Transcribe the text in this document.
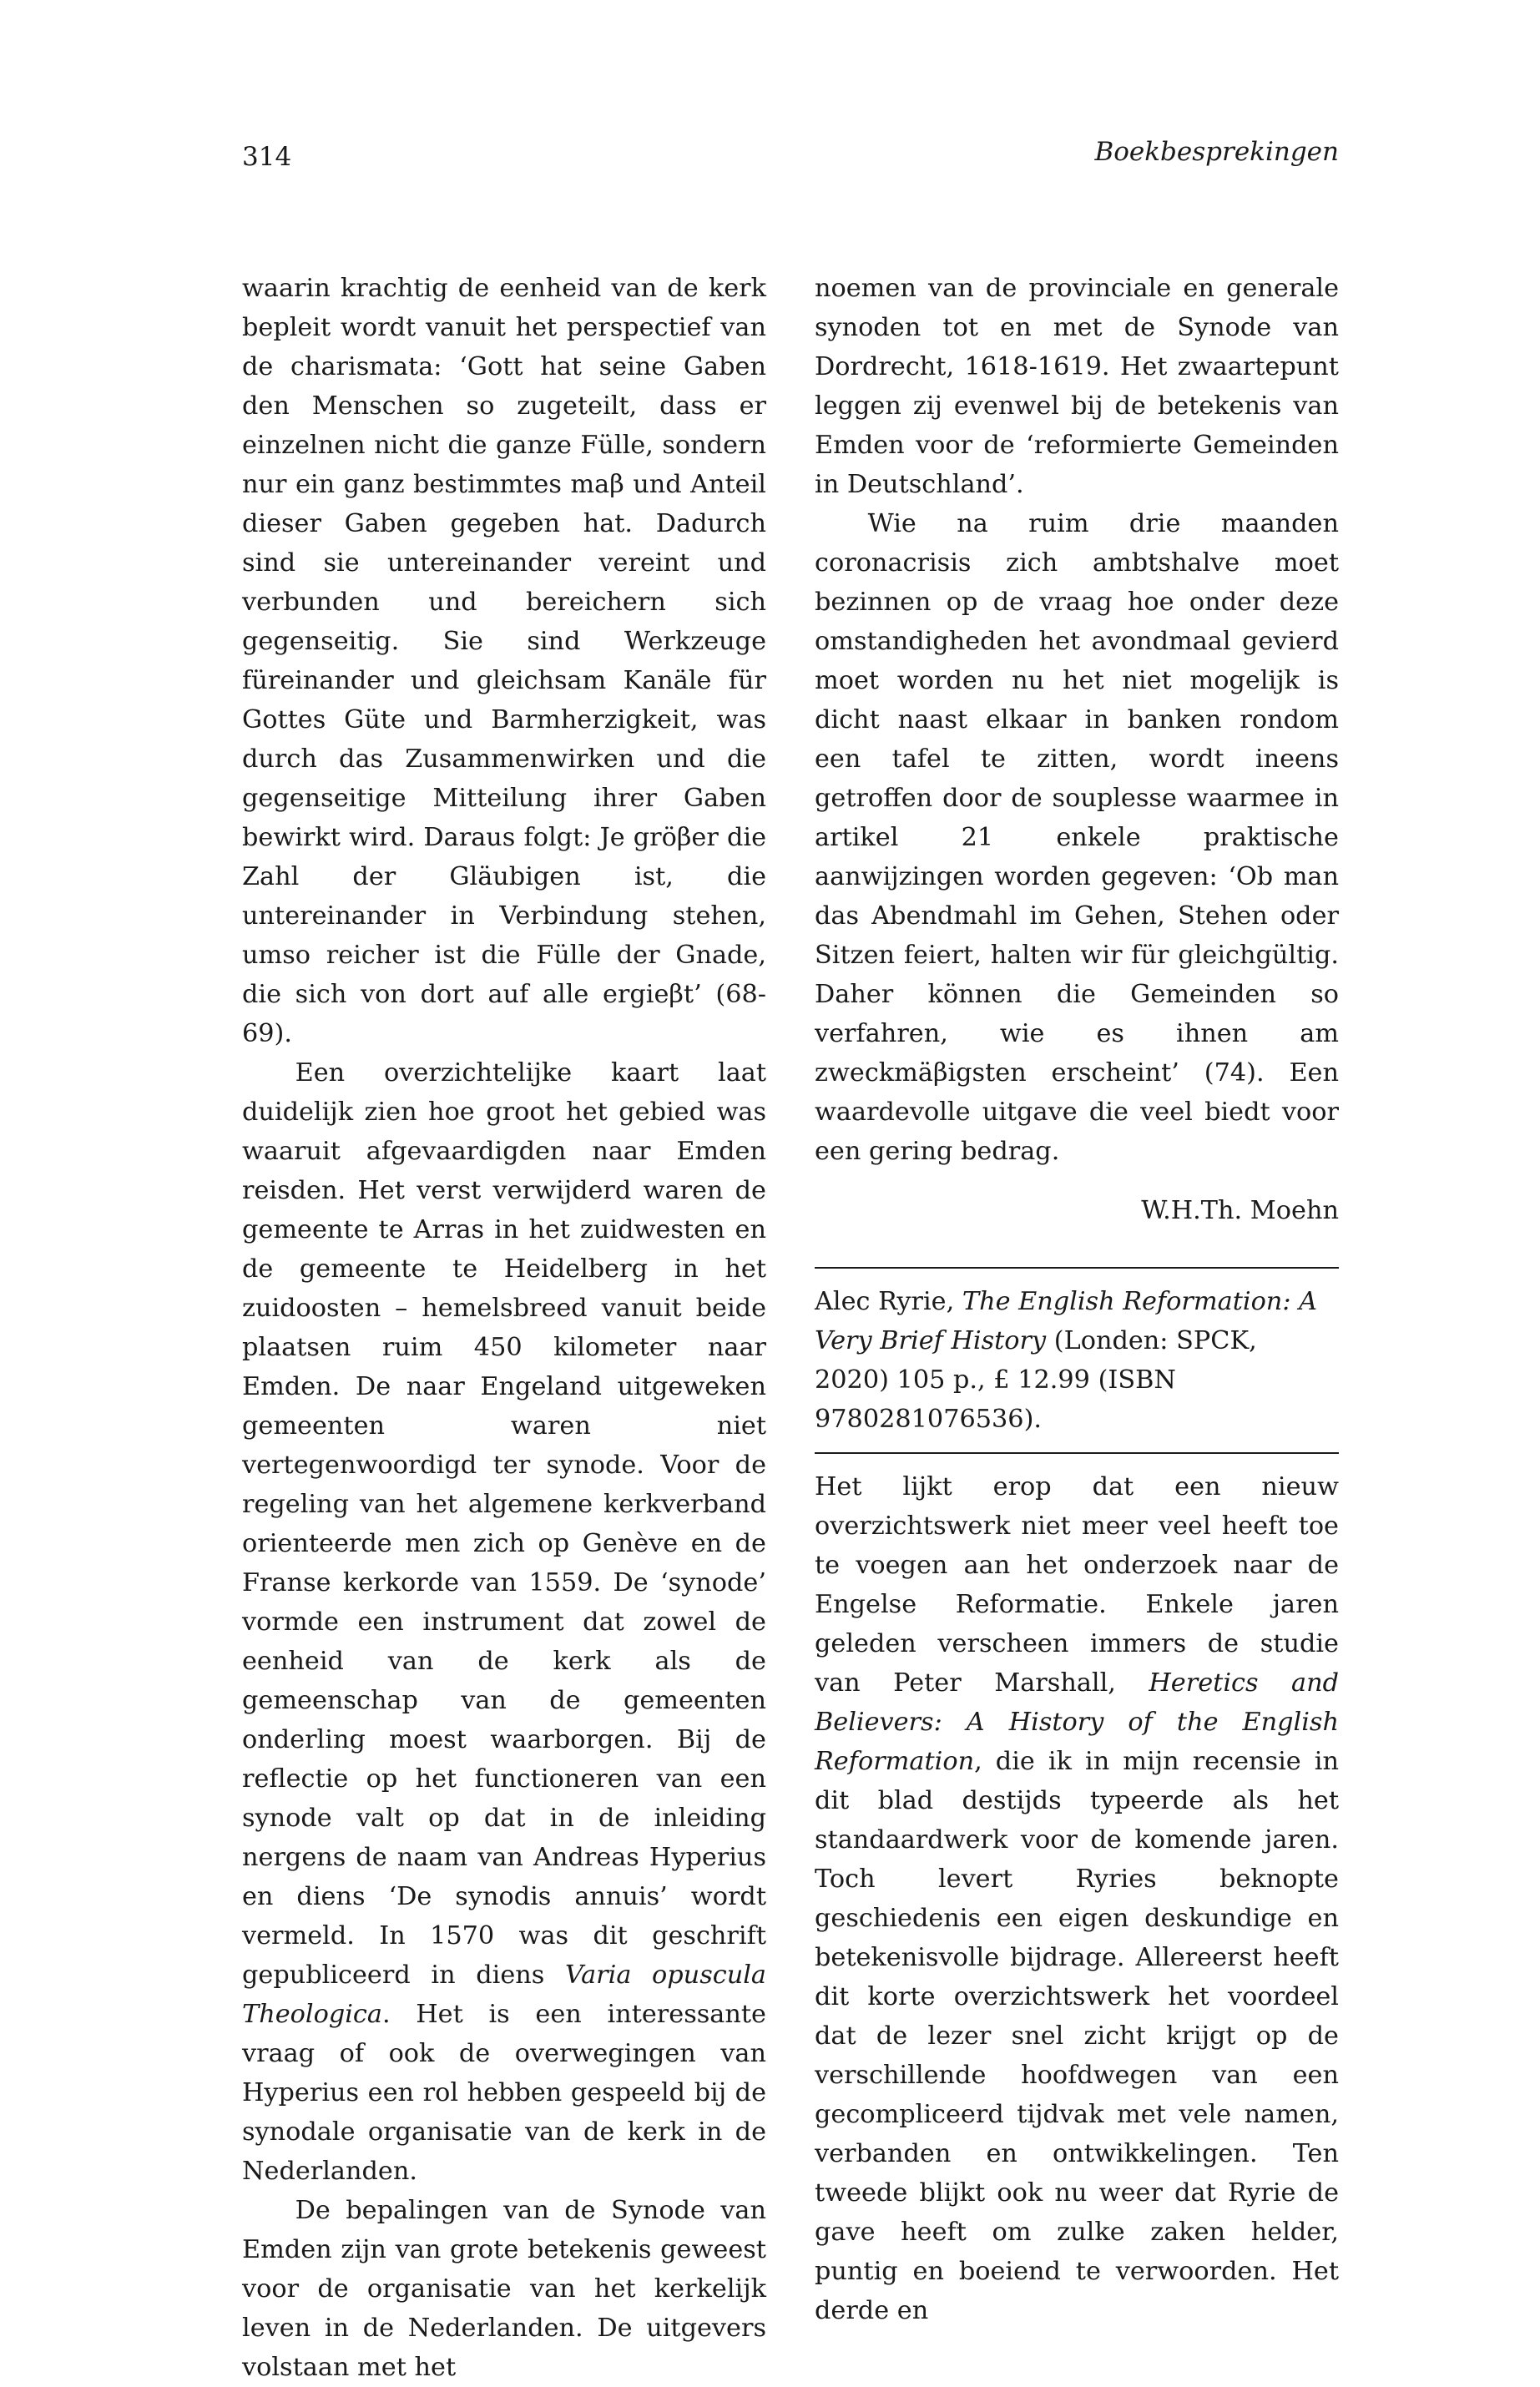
314	Boekbesprekingen

waarin krachtig de eenheid van de kerk bepleit wordt vanuit het perspectief van de charismata: ‘Gott hat seine Gaben den Menschen so zugeteilt, dass er einzelnen nicht die ganze Fülle, sondern nur ein ganz bestimmtes maβ und Anteil dieser Gaben gegeben hat. Dadurch sind sie untereinander vereint und verbunden und bereichern sich gegenseitig. Sie sind Werkzeuge füreinander und gleichsam Kanäle für Gottes Güte und Barmherzigkeit, was durch das Zusammenwirken und die gegenseitige Mitteilung ihrer Gaben bewirkt wird. Daraus folgt: Je gröβer die Zahl der Gläubigen ist, die untereinander in Verbindung stehen, umso reicher ist die Fülle der Gnade, die sich von dort auf alle ergieβt’ (68-69).

Een overzichtelijke kaart laat duidelijk zien hoe groot het gebied was waaruit afgevaardigden naar Emden reisden. Het verst verwijderd waren de gemeente te Arras in het zuidwesten en de gemeente te Heidelberg in het zuidoosten – hemelsbreed vanuit beide plaatsen ruim 450 kilometer naar Emden. De naar Engeland uitgeweken gemeenten waren niet vertegenwoordigd ter synode. Voor de regeling van het algemene kerkverband orienteerde men zich op Genève en de Franse kerkorde van 1559. De ‘synode’ vormde een instrument dat zowel de eenheid van de kerk als de gemeenschap van de gemeenten onderling moest waarborgen. Bij de reflectie op het functioneren van een synode valt op dat in de inleiding nergens de naam van Andreas Hyperius en diens ‘De synodis annuis’ wordt vermeld. In 1570 was dit geschrift gepubliceerd in diens Varia opuscula Theologica. Het is een interessante vraag of ook de overwegingen van Hyperius een rol hebben gespeeld bij de synodale organisatie van de kerk in de Nederlanden.

De bepalingen van de Synode van Emden zijn van grote betekenis geweest voor de organisatie van het kerkelijk leven in de Nederlanden. De uitgevers volstaan met het

noemen van de provinciale en generale synoden tot en met de Synode van Dordrecht, 1618-1619. Het zwaartepunt leggen zij evenwel bij de betekenis van Emden voor de ‘reformierte Gemeinden in Deutschland’.

Wie na ruim drie maanden coronacrisis zich ambtshalve moet bezinnen op de vraag hoe onder deze omstandigheden het avondmaal gevierd moet worden nu het niet mogelijk is dicht naast elkaar in banken rondom een tafel te zitten, wordt ineens getroffen door de souplesse waarmee in artikel 21 enkele praktische aanwijzingen worden gegeven: ‘Ob man das Abendmahl im Gehen, Stehen oder Sitzen feiert, halten wir für gleichgültig. Daher können die Gemeinden so verfahren, wie es ihnen am zweckmäβigsten erscheint’ (74). Een waardevolle uitgave die veel biedt voor een gering bedrag.

W.H.Th. Moehn
Alec Ryrie, The English Reformation: A Very Brief History (Londen: SPCK, 2020) 105 p., £ 12.99 (ISBN 9780281076536).

Het lijkt erop dat een nieuw overzichtswerk niet meer veel heeft toe te voegen aan het onderzoek naar de Engelse Reformatie. Enkele jaren geleden verscheen immers de studie van Peter Marshall, Heretics and Believers: A History of the English Reformation, die ik in mijn recensie in dit blad destijds typeerde als het standaardwerk voor de komende jaren. Toch levert Ryries beknopte geschiedenis een eigen deskundige en betekenisvolle bijdrage. Allereerst heeft dit korte overzichtswerk het voordeel dat de lezer snel zicht krijgt op de verschillende hoofdwegen van een gecompliceerd tijdvak met vele namen, verbanden en ontwikkelingen. Ten tweede blijkt ook nu weer dat Ryrie de gave heeft om zulke zaken helder, puntig en boeiend te verwoorden. Het derde en
